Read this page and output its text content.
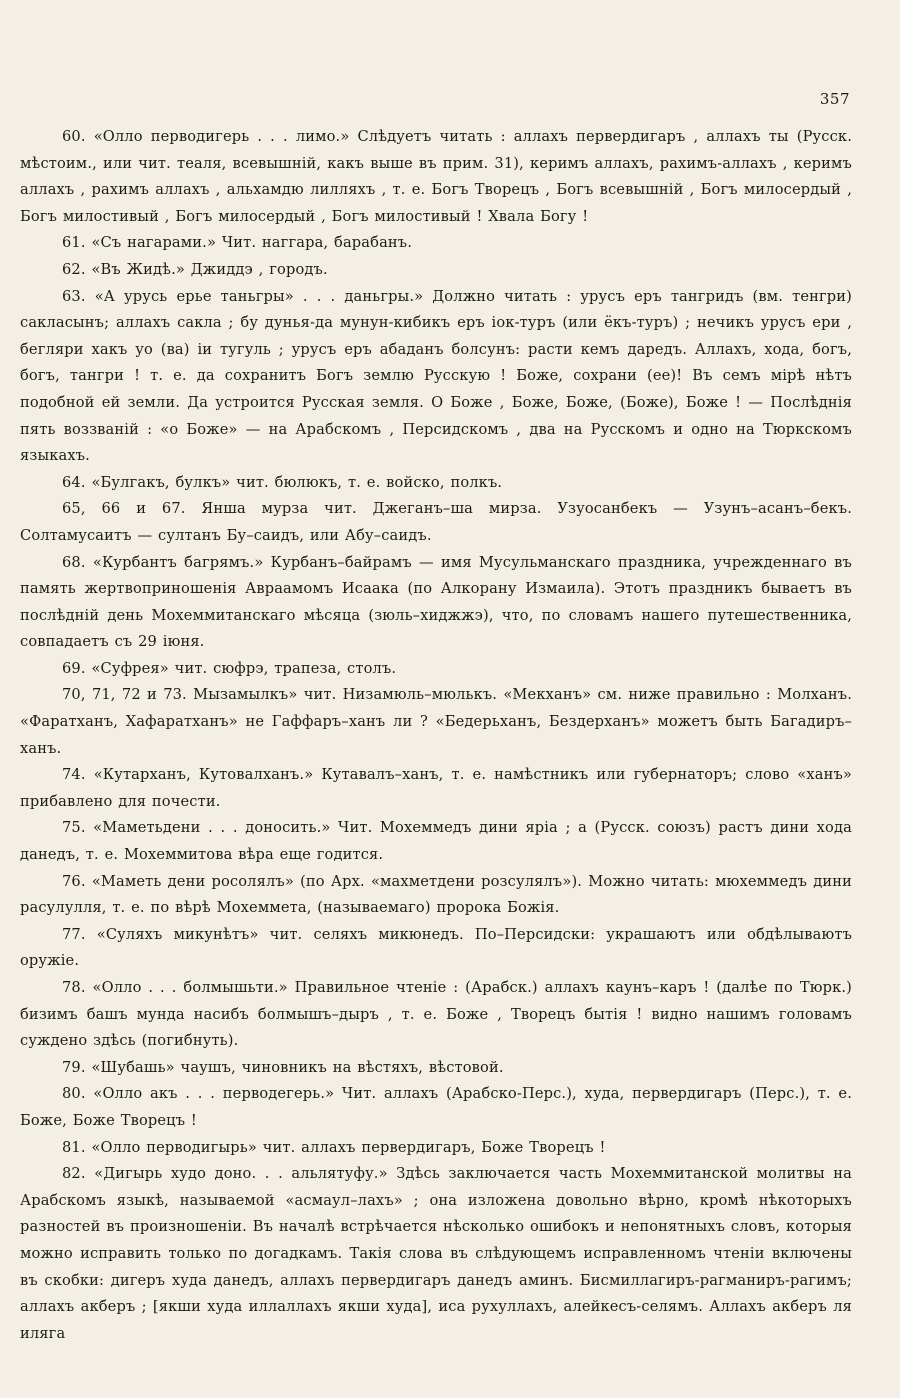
357

60. «Олло перводигерь . . . лимо.» Слѣдуетъ читать : аллахъ первердигаръ , аллахъ ты (Русск. мѣстоим., или чит. теаля, всевышній, какъ выше въ прим. 31), керимъ аллахъ, рахимъ-аллахъ , керимъ аллахъ , рахимъ аллахъ , альхамдю лилляхъ , т. е. Богъ Творецъ , Богъ всевышній , Богъ милосердый , Богъ милостивый , Богъ милосердый , Богъ милостивый ! Хвала Богу !

61. «Съ нагарами.» Чит. наггара, барабанъ.

62. «Въ Жидѣ.» Джиддэ , городъ.

63. «А урусь ерье таньгры» . . . даньгры.» Должно читать : урусъ еръ тангридъ (вм. тенгри) сакласынъ; аллахъ сакла ; бу дунья-да мунун-кибикъ еръ іок-туръ (или ёкъ-туръ) ; нечикъ урусъ ери , бегляри хакъ уо (ва) іи тугуль ; урусъ еръ абаданъ болсунъ: расти кемъ даредъ. Аллахъ, хода, богъ, богъ, тангри ! т. е. да сохранитъ Богъ землю Русскую ! Боже, сохрани (ее)! Въ семъ мірѣ нѣтъ подобной ей земли. Да устроится Русская земля. О Боже , Боже, Боже, (Боже), Боже ! — Послѣднія пять воззваній : «о Боже» — на Арабскомъ , Персидскомъ , два на Русскомъ и одно на Тюркскомъ языкахъ.

64. «Булгакъ, булкъ» чит. бюлюкъ, т. е. войско, полкъ.

65, 66 и 67. Янша мурза чит. Джеганъ–ша мирза. Узуосанбекъ — Узунъ–асанъ–бекъ. Солтамусаитъ — султанъ Бу–саидъ, или Абу–саидъ.

68. «Курбантъ багрямъ.» Курбанъ–байрамъ — имя Мусульманскаго праздника, учрежденнаго въ память жертвоприношенія Авраамомъ Исаака (по Алкорану Измаила). Этотъ праздникъ бываетъ въ послѣдній день Мохеммитанскаго мѣсяца (зюль–хиджжэ), что, по словамъ нашего путешественника, совпадаетъ съ 29 іюня.

69. «Суфрея» чит. сюфрэ, трапеза, столъ.

70, 71, 72 и 73. Мызамылкъ» чит. Низамюль–мюлькъ. «Мекханъ» см. ниже правильно : Молханъ. «Фаратханъ, Хафаратханъ» не Гаффаръ–ханъ ли ? «Бедерьханъ, Бездерханъ» можетъ быть Багадиръ–ханъ.

74. «Кутарханъ, Кутовалханъ.» Кутавалъ–ханъ, т. е. намѣстникъ или губернаторъ; слово «ханъ» прибавлено для почести.

75. «Маметьдени . . . доносить.» Чит. Мохеммедъ дини яріа ; а (Русск. союзъ) растъ дини хода данедъ, т. е. Мохеммитова вѣра еще годится.

76. «Маметь дени росолялъ» (по Арх. «махметдени розсулялъ»). Можно читать: мюхеммедъ дини расулулля, т. е. по вѣрѣ Мохеммета, (называемаго) пророка Божія.

77. «Суляхъ микунѣтъ» чит. селяхъ микюнедъ. По–Персидски: украшаютъ или обдѣлываютъ оружіе.

78. «Олло . . . болмышьти.» Правильное чтеніе : (Арабск.) аллахъ каунъ–каръ ! (далѣе по Тюрк.) бизимъ башъ мунда насибъ болмышъ–дыръ , т. е. Боже , Творецъ бытія ! видно нашимъ головамъ суждено здѣсь (погибнуть).

79. «Шубашь» чаушъ, чиновникъ на вѣстяхъ, вѣстовой.

80. «Олло акъ . . . перводегерь.» Чит. аллахъ (Арабско-Перс.), худа, первердигаръ (Перс.), т. е. Боже, Боже Творецъ !

81. «Олло перводигырь» чит. аллахъ первердигаръ, Боже Творецъ !

82. «Дигырь худо доно. . . альлятуфу.» Здѣсь заключается часть Мохеммитанской молитвы на Арабскомъ языкѣ, называемой «асмаул–лахъ» ; она изложена довольно вѣрно, кромѣ нѣкоторыхъ разностей въ произношеніи. Въ началѣ встрѣчается нѣсколько ошибокъ и непонятныхъ словъ, которыя можно исправить только по догадкамъ. Такія слова въ слѣдующемъ исправленномъ чтеніи включены въ скобки: дигеръ худа данедъ, аллахъ первердигаръ данедъ аминъ. Бисмиллагиръ-рагманиръ-рагимъ; аллахъ акберъ ; [якши худа иллаллахъ якши худа], иса рухуллахъ, алейкесъ-селямъ. Аллахъ акберъ ля иляга
